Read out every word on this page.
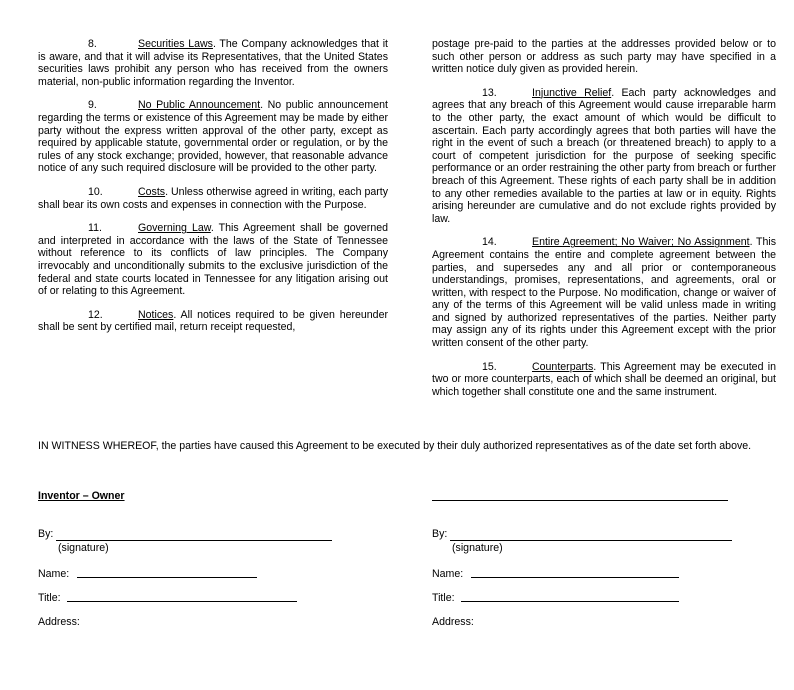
8.	Securities Laws. The Company acknowledges that it is aware, and that it will advise its Representatives, that the United States securities laws prohibit any person who has received from the owners material, non-public information regarding the Inventor.

9.	No Public Announcement. No public announcement regarding the terms or existence of this Agreement may be made by either party without the express written approval of the other party, except as required by applicable statute, governmental order or regulation, or by the rules of any stock exchange; provided, however, that reasonable advance notice of any such required disclosure will be provided to the other party.

10.	Costs. Unless otherwise agreed in writing, each party shall bear its own costs and expenses in connection with the Purpose.

11.	Governing Law. This Agreement shall be governed and interpreted in accordance with the laws of the State of Tennessee without reference to its conflicts of law principles. The Company irrevocably and unconditionally submits to the exclusive jurisdiction of the federal and state courts located in Tennessee for any litigation arising out of or relating to this Agreement.

12.	Notices. All notices required to be given hereunder shall be sent by certified mail, return receipt requested,

postage pre-paid to the parties at the addresses provided below or to such other person or address as such party may have specified in a written notice duly given as provided herein.

13.	Injunctive Relief. Each party acknowledges and agrees that any breach of this Agreement would cause irreparable harm to the other party, the exact amount of which would be difficult to ascertain. Each party accordingly agrees that both parties will have the right in the event of such a breach (or threatened breach) to apply to a court of competent jurisdiction for the purpose of seeking specific performance or an order restraining the other party from breach or further breach of this Agreement. These rights of each party shall be in addition to any other remedies available to the parties at law or in equity. Rights arising hereunder are cumulative and do not exclude rights provided by law.

14.	Entire Agreement; No Waiver; No Assignment. This Agreement contains the entire and complete agreement between the parties, and supersedes any and all prior or contemporaneous understandings, promises, representations, and agreements, oral or written, with respect to the Purpose. No modification, change or waiver of any of the terms of this Agreement will be valid unless made in writing and signed by authorized representatives of the parties. Neither party may assign any of its rights under this Agreement except with the prior written consent of the other party.

15.	Counterparts. This Agreement may be executed in two or more counterparts, each of which shall be deemed an original, but which together shall constitute one and the same instrument.

IN WITNESS WHEREOF, the parties have caused this Agreement to be executed by their duly authorized representatives as of the date set forth above.
Inventor – Owner
By:
(signature)
Name:
Title:
Address:
By:
(signature)
Name:
Title:
Address:
